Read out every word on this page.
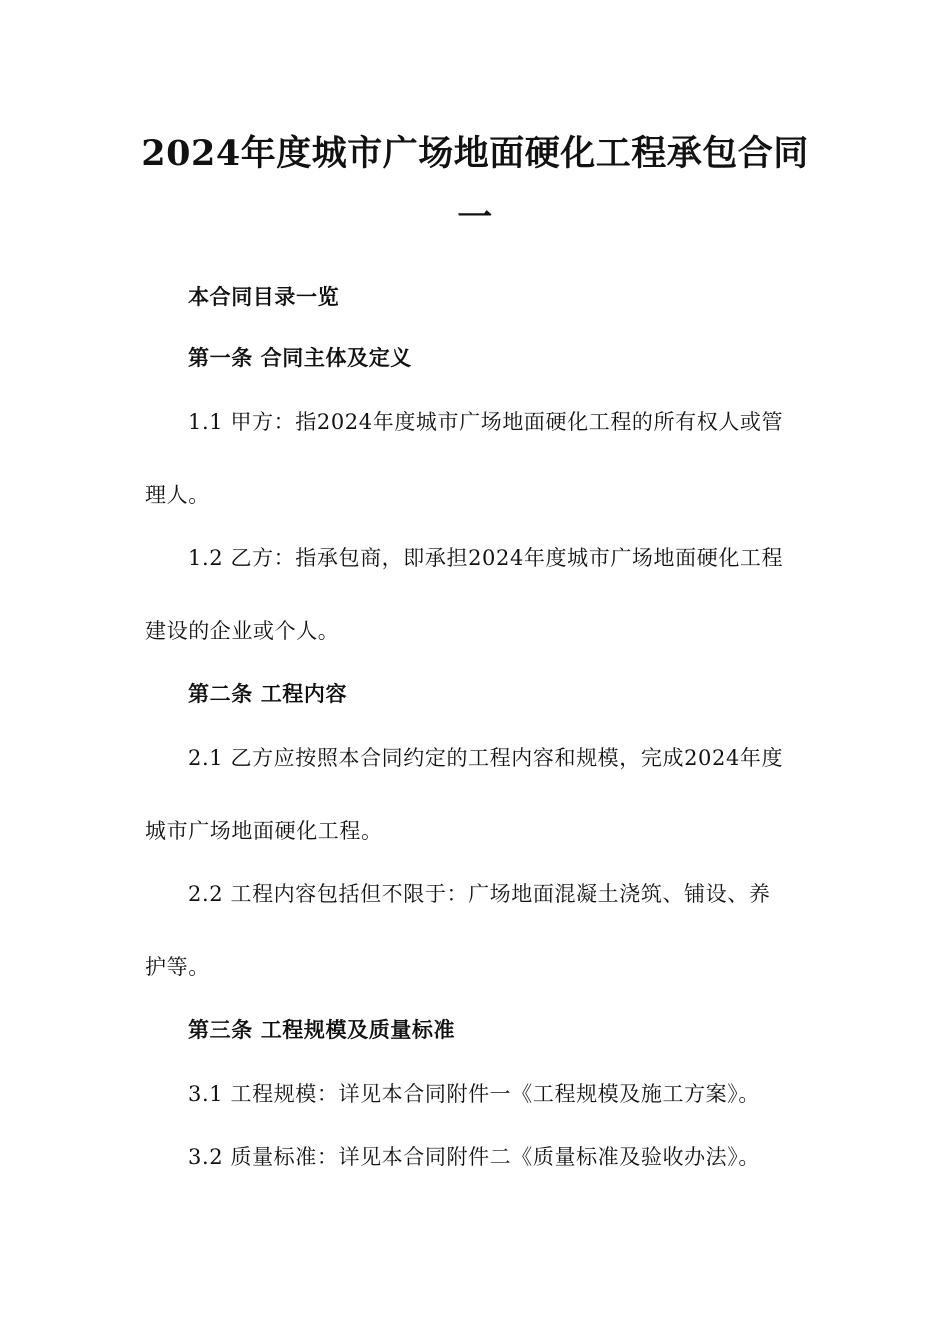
2024年度城市广场地面硬化工程承包合同
一
本合同目录一览
第一条 合同主体及定义
1.1 甲方：指2024年度城市广场地面硬化工程的所有权人或管
理人。
1.2 乙方：指承包商，即承担2024年度城市广场地面硬化工程
建设的企业或个人。
第二条 工程内容
2.1 乙方应按照本合同约定的工程内容和规模，完成2024年度
城市广场地面硬化工程。
2.2 工程内容包括但不限于：广场地面混凝土浇筑、铺设、养
护等。
第三条 工程规模及质量标准
3.1 工程规模：详见本合同附件一《工程规模及施工方案》。
3.2 质量标准：详见本合同附件二《质量标准及验收办法》。
